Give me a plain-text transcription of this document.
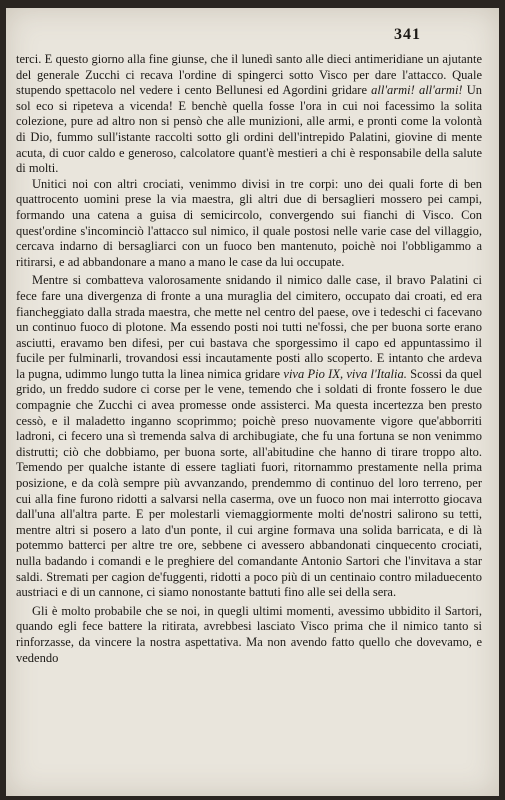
341

terci. E questo giorno alla fine giunse, che il lunedì santo alle dieci antimeridiane un ajutante del generale Zucchi ci recava l'ordine di spingerci sotto Visco per dare l'attacco. Quale stupendo spettacolo nel vedere i cento Bellunesi ed Agordini gridare all'armi! all'armi! Un sol eco si ripeteva a vicenda! E benchè quella fosse l'ora in cui noi facessimo la solita colezione, pure ad altro non si pensò che alle munizioni, alle armi, e pronti come la volontà di Dio, fummo sull'istante raccolti sotto gli ordini dell'intrepido Palatini, giovine di mente acuta, di cuor caldo e generoso, calcolatore quant'è mestieri a chi è responsabile della salute di molti.

Unitici noi con altri crociati, venimmo divisi in tre corpi: uno dei quali forte di ben quattrocento uomini prese la via maestra, gli altri due di bersaglieri mossero pei campi, formando una catena a guisa di semicircolo, convergendo sui fianchi di Visco. Con quest'ordine s'incominciò l'attacco sul nimico, il quale postosi nelle varie case del villaggio, cercava indarno di bersagliarci con un fuoco ben mantenuto, poichè noi l'obbligammo a ritirarsi, e ad abbandonare a mano a mano le case da lui occupate.

Mentre si combatteva valorosamente snidando il nimico dalle case, il bravo Palatini ci fece fare una divergenza di fronte a una muraglia del cimitero, occupato dai croati, ed era fiancheggiato dalla strada maestra, che mette nel centro del paese, ove i tedeschi ci facevano un continuo fuoco di plotone. Ma essendo posti noi tutti ne'fossi, che per buona sorte erano asciutti, eravamo ben difesi, per cui bastava che sporgessimo il capo ed appuntassimo il fucile per fulminarli, trovandosi essi incautamente posti allo scoperto. E intanto che ardeva la pugna, udimmo lungo tutta la linea nimica gridare viva Pio IX, viva l'Italia. Scossi da quel grido, un freddo sudore ci corse per le vene, temendo che i soldati di fronte fossero le due compagnie che Zucchi ci avea promesse onde assisterci. Ma questa incertezza ben presto cessò, e il maladetto inganno scoprimmo; poichè preso nuovamente vigore que'abborriti ladroni, ci fecero una sì tremenda salva di archibugiate, che fu una fortuna se non venimmo distrutti; ciò che dobbiamo, per buona sorte, all'abitudine che hanno di tirare troppo alto. Temendo per qualche istante di essere tagliati fuori, ritornammo prestamente nella prima posizione, e da colà sempre più avvanzando, prendemmo di continuo del loro terreno, per cui alla fine furono ridotti a salvarsi nella caserma, ove un fuoco non mai interrotto giocava dall'una all'altra parte. E per molestarli viemaggiormente molti de'nostri salirono su tetti, mentre altri si posero a lato d'un ponte, il cui argine formava una solida barricata, e di là potemmo batterci per altre tre ore, sebbene ci avessero abbandonati cinquecento crociati, nulla badando i comandi e le preghiere del comandante Antonio Sartori che l'invitava a star saldi. Stremati per cagion de'fuggenti, ridotti a poco più di un centinaio contro miladuecento austriaci e di un cannone, ci siamo nonostante battuti fino alle sei della sera.

Gli è molto probabile che se noi, in quegli ultimi momenti, avessimo ubbidito il Sartori, quando egli fece battere la ritirata, avrebbesi lasciato Visco prima che il nimico tanto si rinforzasse, da vincere la nostra aspettativa. Ma non avendo fatto quello che dovevamo, e vedendo
